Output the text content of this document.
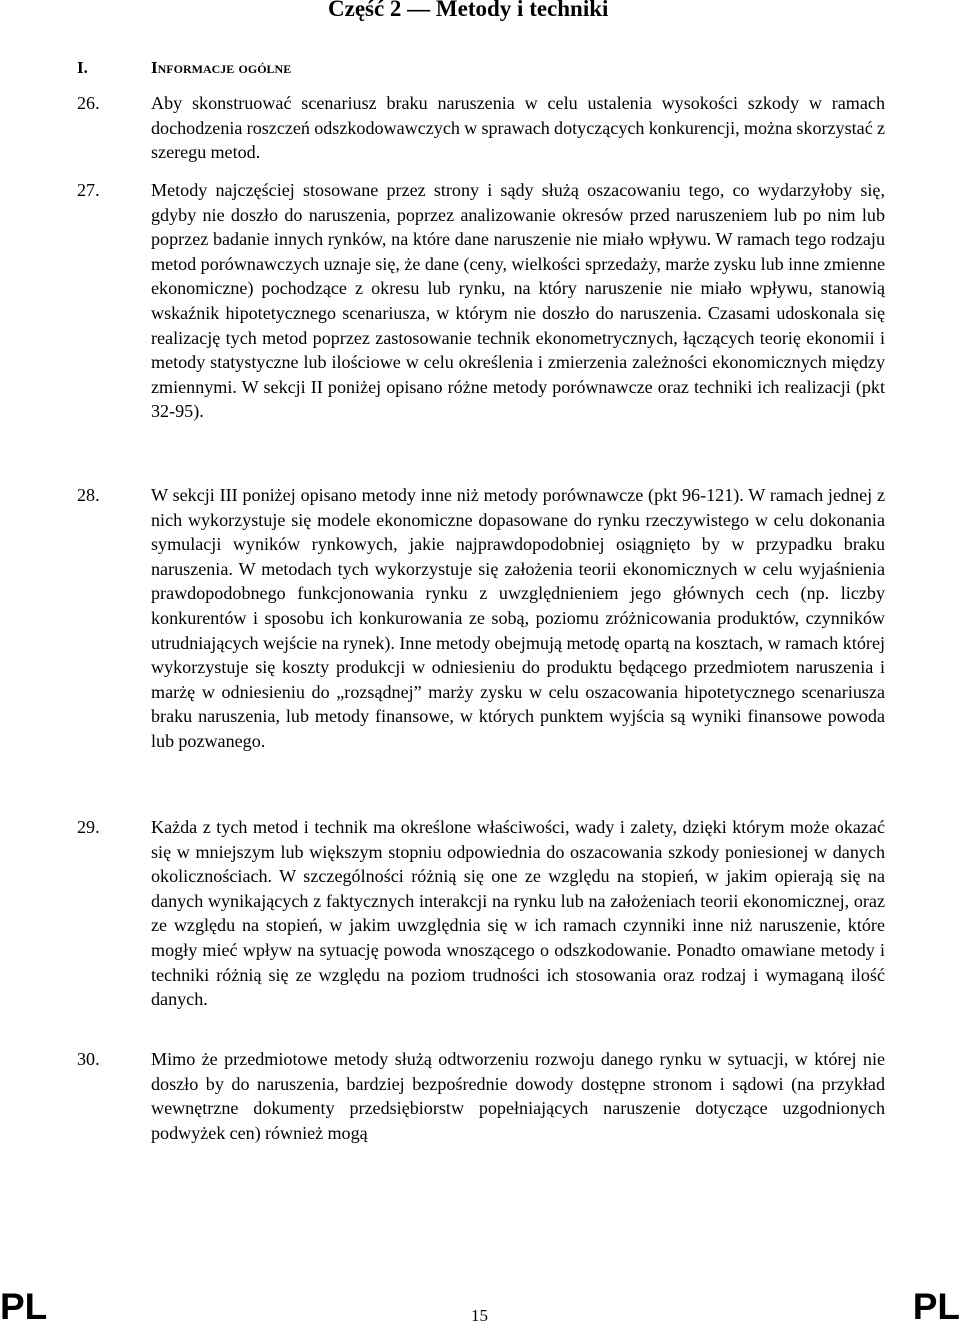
Część 2 — Metody i techniki
I.	Informacje ogólne
26.	Aby skonstruować scenariusz braku naruszenia w celu ustalenia wysokości szkody w ramach dochodzenia roszczeń odszkodowawczych w sprawach dotyczących konkurencji, można skorzystać z szeregu metod.
27.	Metody najczęściej stosowane przez strony i sądy służą oszacowaniu tego, co wydarzyłoby się, gdyby nie doszło do naruszenia, poprzez analizowanie okresów przed naruszeniem lub po nim lub poprzez badanie innych rynków, na które dane naruszenie nie miało wpływu. W ramach tego rodzaju metod porównawczych uznaje się, że dane (ceny, wielkości sprzedaży, marże zysku lub inne zmienne ekonomiczne) pochodzące z okresu lub rynku, na który naruszenie nie miało wpływu, stanowią wskaźnik hipotetycznego scenariusza, w którym nie doszło do naruszenia. Czasami udoskonala się realizację tych metod poprzez zastosowanie technik ekonometrycznych, łączących teorię ekonomii i metody statystyczne lub ilościowe w celu określenia i zmierzenia zależności ekonomicznych między zmiennymi. W sekcji II poniżej opisano różne metody porównawcze oraz techniki ich realizacji (pkt 32-95).
28.	W sekcji III poniżej opisano metody inne niż metody porównawcze (pkt 96-121). W ramach jednej z nich wykorzystuje się modele ekonomiczne dopasowane do rynku rzeczywistego w celu dokonania symulacji wyników rynkowych, jakie najprawdopodobniej osiągnięto by w przypadku braku naruszenia. W metodach tych wykorzystuje się założenia teorii ekonomicznych w celu wyjaśnienia prawdopodobnego funkcjonowania rynku z uwzględnieniem jego głównych cech (np. liczby konkurentów i sposobu ich konkurowania ze sobą, poziomu zróżnicowania produktów, czynników utrudniających wejście na rynek). Inne metody obejmują metodę opartą na kosztach, w ramach której wykorzystuje się koszty produkcji w odniesieniu do produktu będącego przedmiotem naruszenia i marżę w odniesieniu do „rozsądnej” marży zysku w celu oszacowania hipotetycznego scenariusza braku naruszenia, lub metody finansowe, w których punktem wyjścia są wyniki finansowe powoda lub pozwanego.
29.	Każda z tych metod i technik ma określone właściwości, wady i zalety, dzięki którym może okazać się w mniejszym lub większym stopniu odpowiednia do oszacowania szkody poniesionej w danych okolicznościach. W szczególności różnią się one ze względu na stopień, w jakim opierają się na danych wynikających z faktycznych interakcji na rynku lub na założeniach teorii ekonomicznej, oraz ze względu na stopień, w jakim uwzględnia się w ich ramach czynniki inne niż naruszenie, które mogły mieć wpływ na sytuację powoda wnoszącego o odszkodowanie. Ponadto omawiane metody i techniki różnią się ze względu na poziom trudności ich stosowania oraz rodzaj i wymaganą ilość danych.
30.	Mimo że przedmiotowe metody służą odtworzeniu rozwoju danego rynku w sytuacji, w której nie doszło by do naruszenia, bardziej bezpośrednie dowody dostępne stronom i sądowi (na przykład wewnętrzne dokumenty przedsiębiorstw popełniających naruszenie dotyczące uzgodnionych podwyżek cen) również mogą
PL	15	PL
